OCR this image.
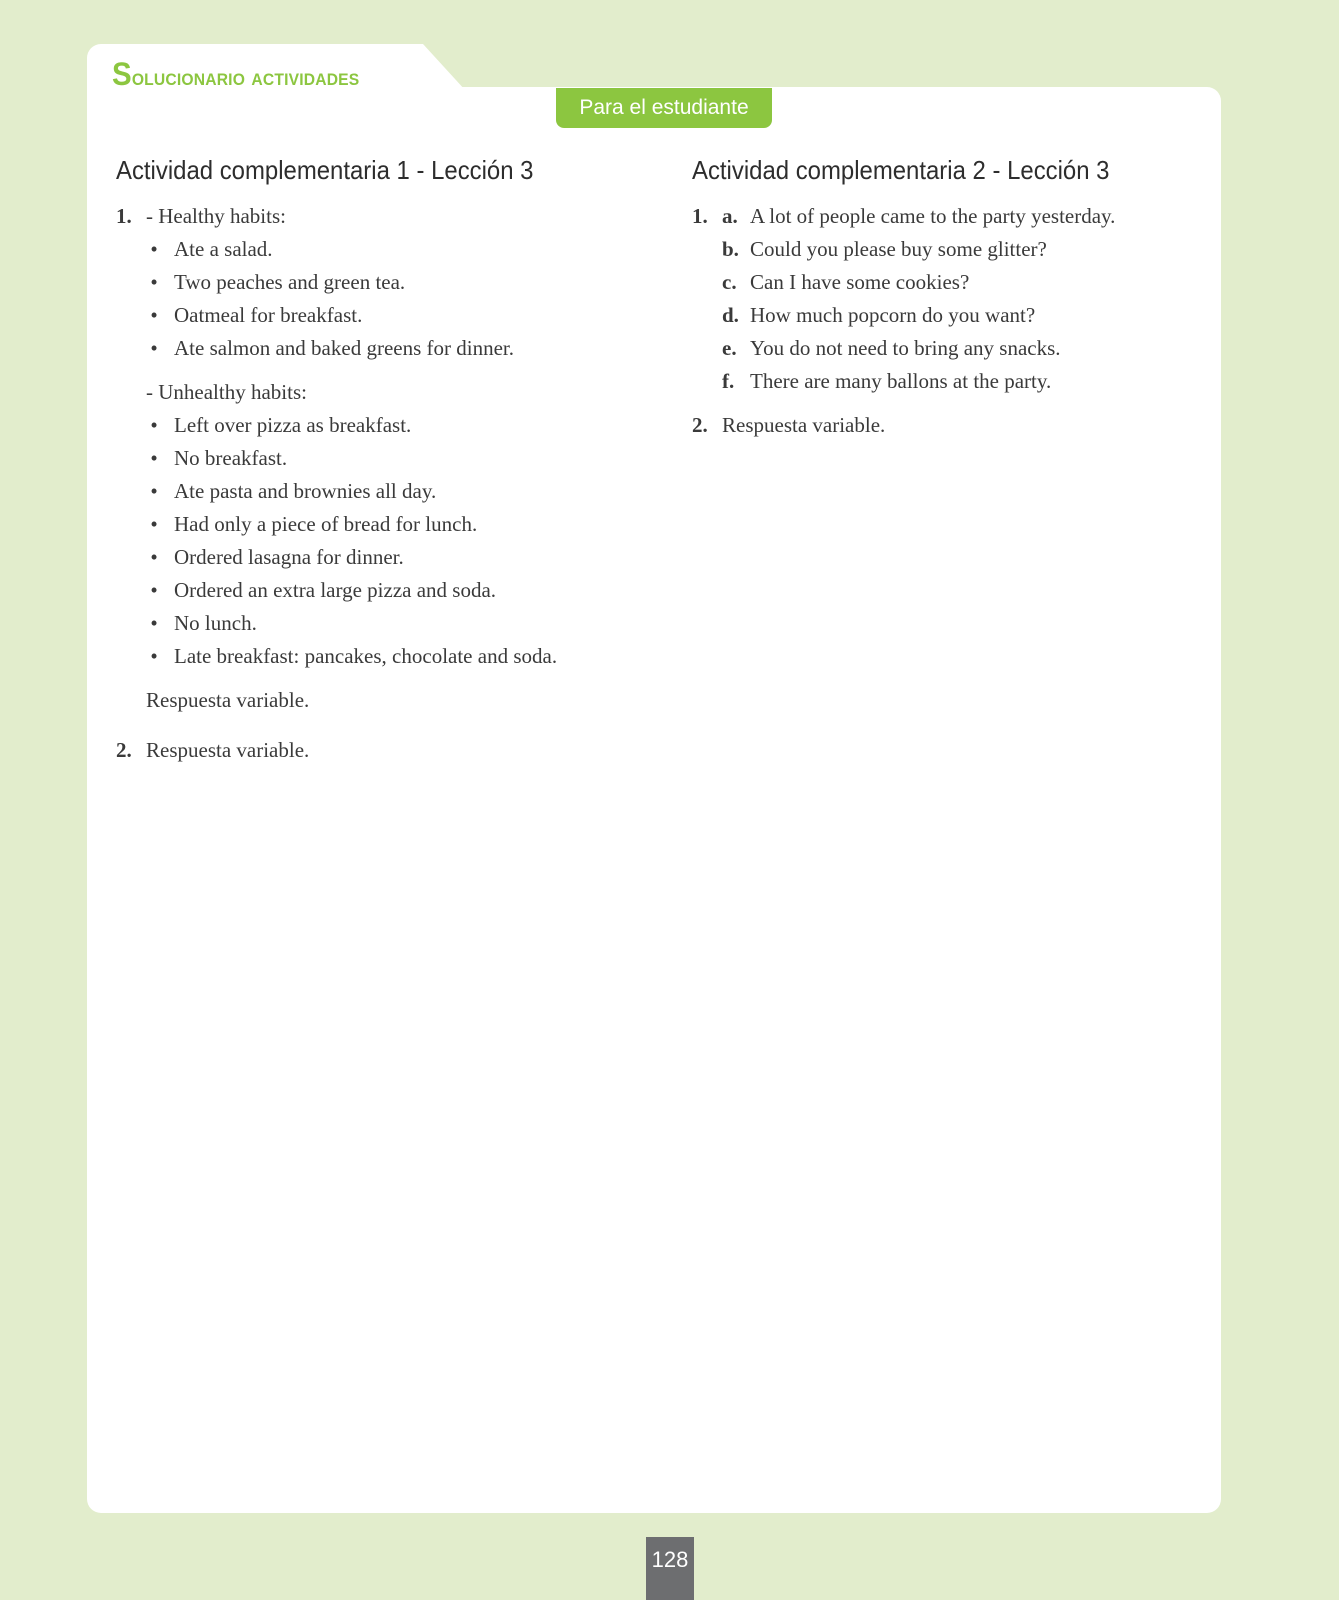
Solucionario actividades
Para el estudiante
Actividad complementaria 1 - Lección 3
1. - Healthy habits:
• Ate a salad.
• Two peaches and green tea.
• Oatmeal for breakfast.
• Ate salmon and baked greens for dinner.
- Unhealthy habits:
• Left over pizza as breakfast.
• No breakfast.
• Ate pasta and brownies all day.
• Had only a piece of bread for lunch.
• Ordered lasagna for dinner.
• Ordered an extra large pizza and soda.
• No lunch.
• Late breakfast: pancakes, chocolate and soda.
Respuesta variable.
2. Respuesta variable.
Actividad complementaria 2 - Lección 3
1. a. A lot of people came to the party yesterday.
b. Could you please buy some glitter?
c. Can I have some cookies?
d. How much popcorn do you want?
e. You do not need to bring any snacks.
f. There are many ballons at the party.
2. Respuesta variable.
128
